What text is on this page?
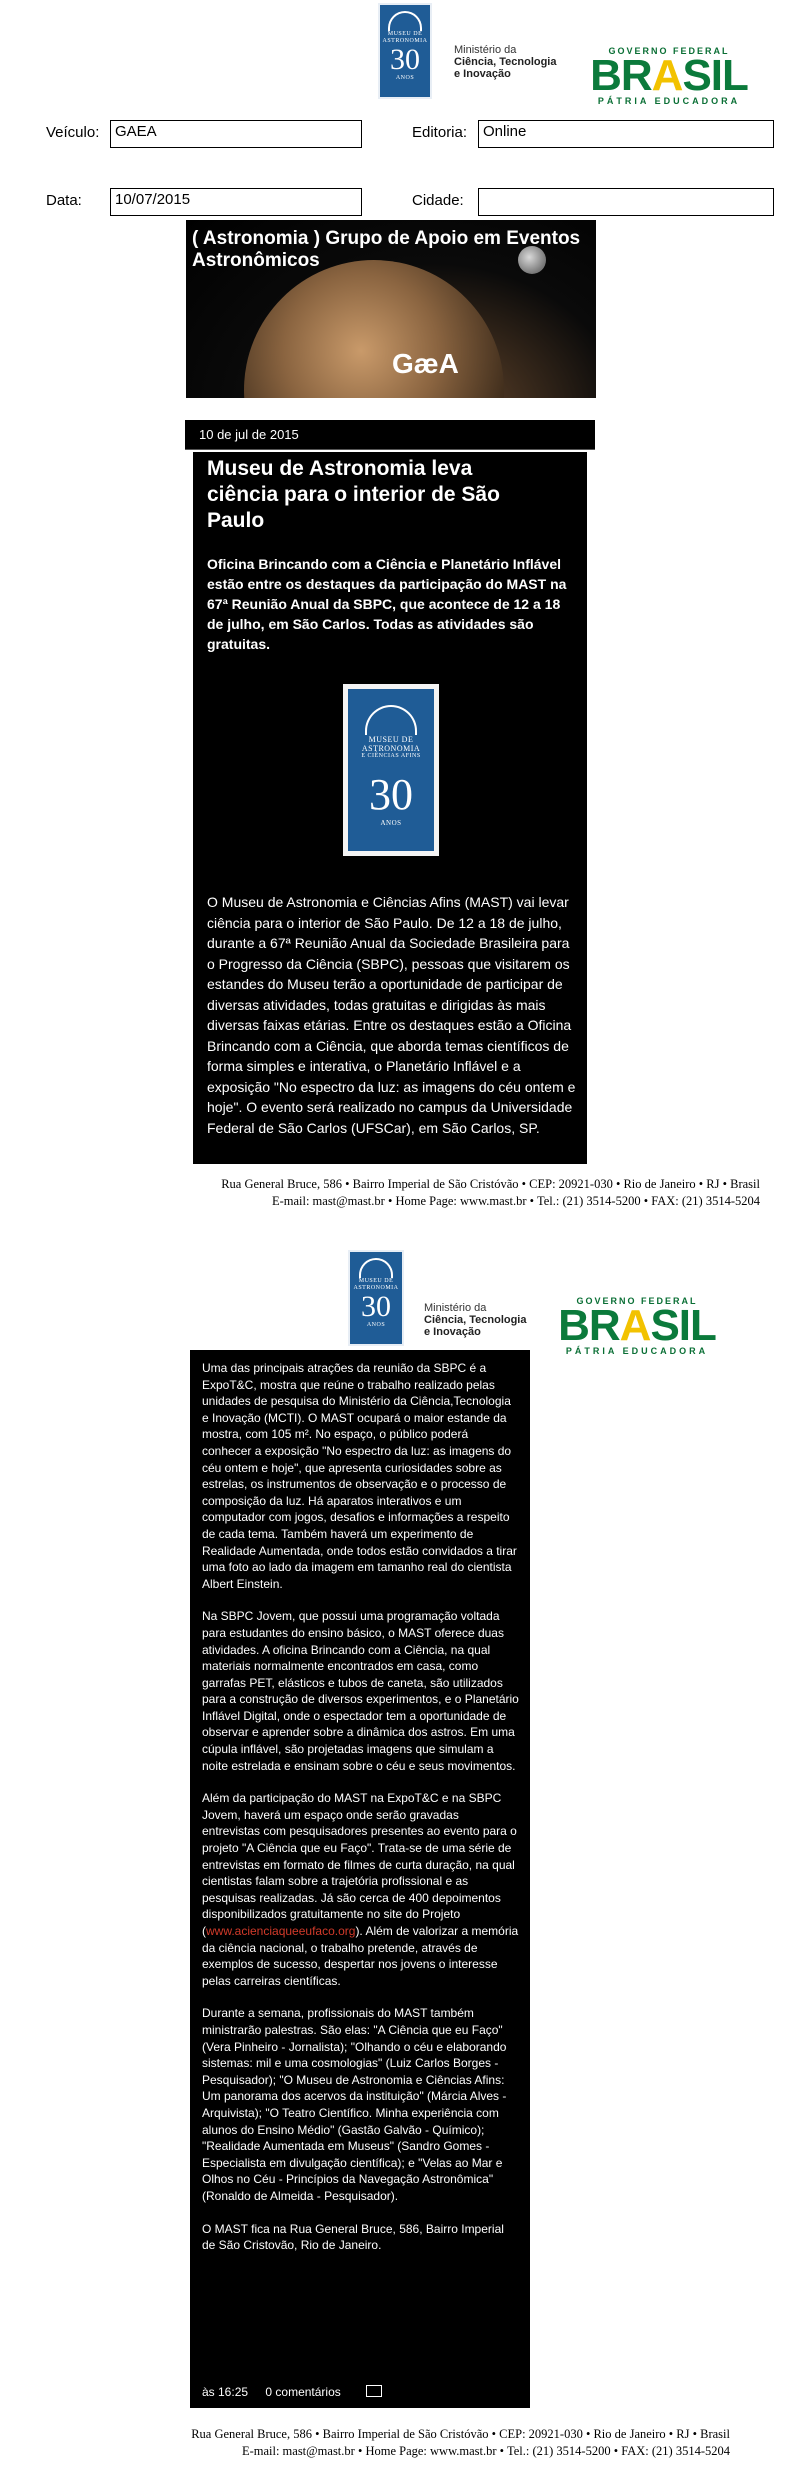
MUSEU DE
ASTRONOMIA
30
ANOS
Ministério da
Ciência, Tecnologia
e Inovação
GOVERNO FEDERAL
BRASIL
PÁTRIA EDUCADORA
Veículo:	GAEA	Editoria:	Online
Data:	10/07/2015	Cidade:
( Astronomia ) Grupo de Apoio em Eventos Astronômicos
GæA
10 de jul de 2015
Museu de Astronomia leva ciência para o interior de São Paulo
Oficina Brincando com a Ciência e Planetário Inflável estão entre os destaques da participação do MAST na 67ª Reunião Anual da SBPC, que acontece de 12 a 18 de julho, em São Carlos. Todas as atividades são gratuitas.
MUSEU DE
ASTRONOMIA
E CIÊNCIAS AFINS
30
ANOS
O Museu de Astronomia e Ciências Afins (MAST) vai levar ciência para o interior de São Paulo. De 12 a 18 de julho, durante a 67ª Reunião Anual da Sociedade Brasileira para o Progresso da Ciência (SBPC), pessoas que visitarem os estandes do Museu terão a oportunidade de participar de diversas atividades, todas gratuitas e dirigidas às mais diversas faixas etárias. Entre os destaques estão a Oficina Brincando com a Ciência, que aborda temas científicos de forma simples e interativa, o Planetário Inflável e a exposição "No espectro da luz: as imagens do céu ontem e hoje". O evento será realizado no campus da Universidade Federal de São Carlos (UFSCar), em São Carlos, SP.
Rua General Bruce, 586 • Bairro Imperial de São Cristóvão • CEP: 20921-030 • Rio de Janeiro • RJ • Brasil
E-mail: mast@mast.br • Home Page: www.mast.br • Tel.: (21) 3514-5200 • FAX: (21) 3514-5204
MUSEU DE
ASTRONOMIA
30
ANOS
Ministério da
Ciência, Tecnologia
e Inovação
GOVERNO FEDERAL
BRASIL
PÁTRIA EDUCADORA

Uma das principais atrações da reunião da SBPC é a ExpoT&C, mostra que reúne o trabalho realizado pelas unidades de pesquisa do Ministério da Ciência,Tecnologia e Inovação (MCTI). O MAST ocupará o maior estande da mostra, com 105 m². No espaço, o público poderá conhecer a exposição "No espectro da luz: as imagens do céu ontem e hoje", que apresenta curiosidades sobre as estrelas, os instrumentos de observação e o processo de composição da luz. Há aparatos interativos e um computador com jogos, desafios e informações a respeito de cada tema. Também haverá um experimento de Realidade Aumentada, onde todos estão convidados a tirar uma foto ao lado da imagem em tamanho real do cientista Albert Einstein.

Na SBPC Jovem, que possui uma programação voltada para estudantes do ensino básico, o MAST oferece duas atividades. A oficina Brincando com a Ciência, na qual materiais normalmente encontrados em casa, como garrafas PET, elásticos e tubos de caneta, são utilizados para a construção de diversos experimentos, e o Planetário Inflável Digital, onde o espectador tem a oportunidade de observar e aprender sobre a dinâmica dos astros. Em uma cúpula inflável, são projetadas imagens que simulam a noite estrelada e ensinam sobre o céu e seus movimentos.

Além da participação do MAST na ExpoT&C e na SBPC Jovem, haverá um espaço onde serão gravadas entrevistas com pesquisadores presentes ao evento para o projeto "A Ciência que eu Faço". Trata-se de uma série de entrevistas em formato de filmes de curta duração, na qual cientistas falam sobre a trajetória profissional e as pesquisas realizadas. Já são cerca de 400 depoimentos disponibilizados gratuitamente no site do Projeto (www.acienciaqueeufaco.org). Além de valorizar a memória da ciência nacional, o trabalho pretende, através de exemplos de sucesso, despertar nos jovens o interesse pelas carreiras científicas.

Durante a semana, profissionais do MAST também ministrarão palestras. São elas: "A Ciência que eu Faço" (Vera Pinheiro - Jornalista); "Olhando o céu e elaborando sistemas: mil e uma cosmologias" (Luiz Carlos Borges - Pesquisador); "O Museu de Astronomia e Ciências Afins: Um panorama dos acervos da instituição" (Márcia Alves - Arquivista); "O Teatro Científico. Minha experiência com alunos do Ensino Médio" (Gastão Galvão - Químico); "Realidade Aumentada em Museus" (Sandro Gomes - Especialista em divulgação científica); e "Velas ao Mar e Olhos no Céu - Princípios da Navegação Astronômica" (Ronaldo de Almeida - Pesquisador).

O MAST fica na Rua General Bruce, 586, Bairro Imperial de São Cristovão, Rio de Janeiro.

às 16:25 0 comentários
Rua General Bruce, 586 • Bairro Imperial de São Cristóvão • CEP: 20921-030 • Rio de Janeiro • RJ • Brasil
E-mail: mast@mast.br • Home Page: www.mast.br • Tel.: (21) 3514-5200 • FAX: (21) 3514-5204
